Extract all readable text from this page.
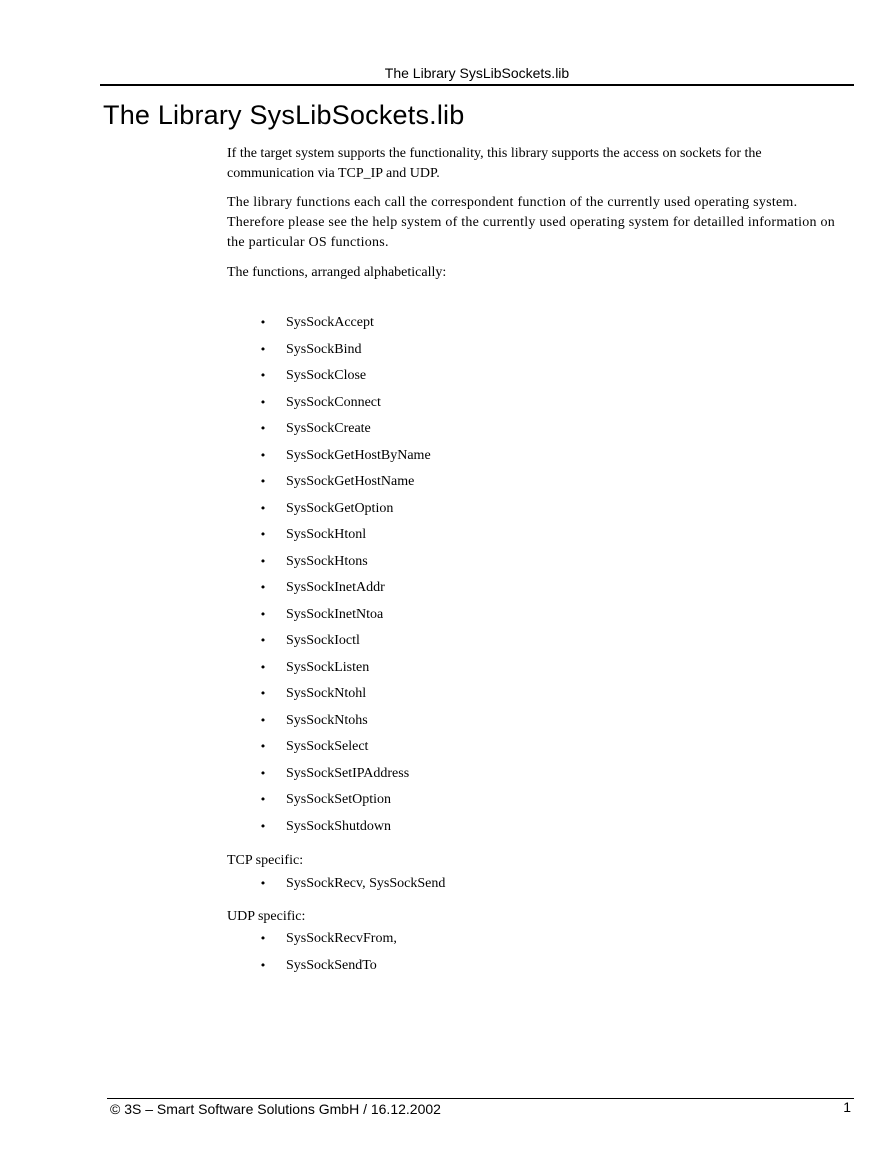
The Library SysLibSockets.lib
The Library SysLibSockets.lib

If the target system supports the functionality, this library supports the access on sockets for the communication via TCP_IP and UDP.

The library functions each call the correspondent function of the currently used operating system. Therefore please see the help system of the currently used operating system for detailled information on the particular OS functions.

The functions, arranged alphabetically:

• SysSockAccept
• SysSockBind
• SysSockClose
• SysSockConnect
• SysSockCreate
• SysSockGetHostByName
• SysSockGetHostName
• SysSockGetOption
• SysSockHtonl
• SysSockHtons
• SysSockInetAddr
• SysSockInetNtoa
• SysSockIoctl
• SysSockListen
• SysSockNtohl
• SysSockNtohs
• SysSockSelect
• SysSockSetIPAddress
• SysSockSetOption
• SysSockShutdown

TCP specific:

• SysSockRecv, SysSockSend

UDP specific:

• SysSockRecvFrom,
• SysSockSendTo
© 3S – Smart Software Solutions GmbH / 16.12.2002	1
